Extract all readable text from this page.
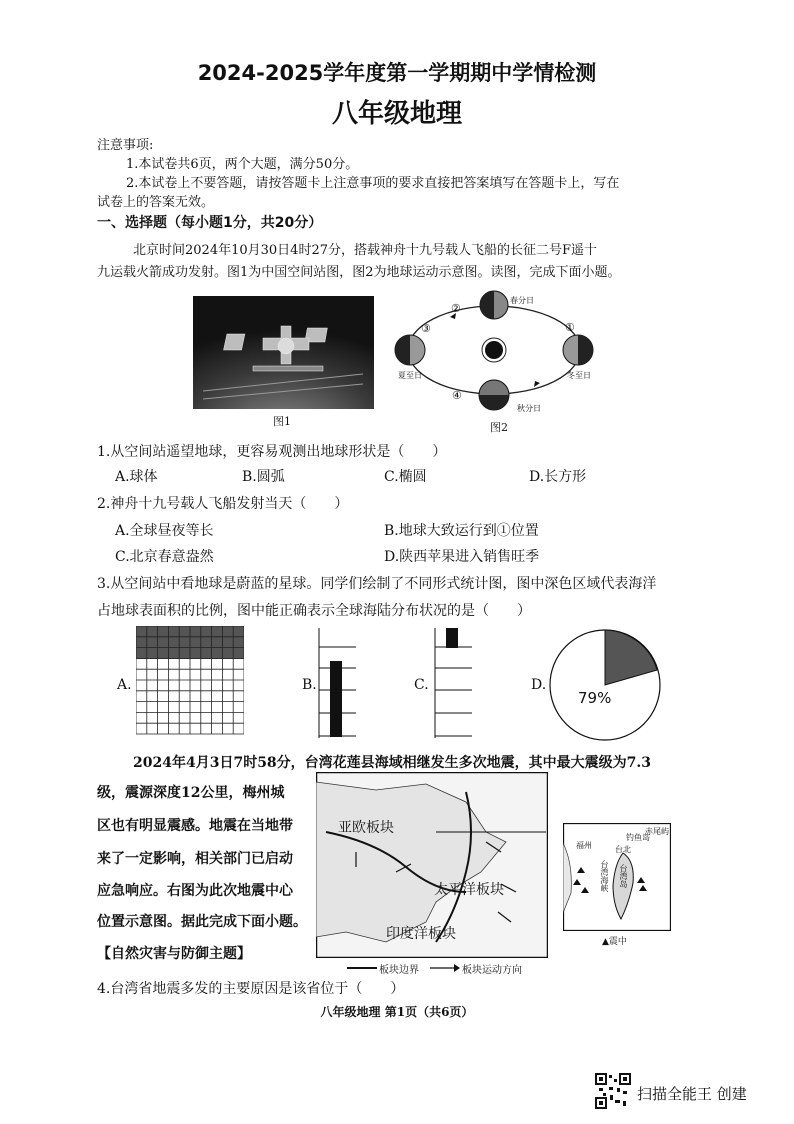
2024-2025学年度第一学期期中学情检测
八年级地理
注意事项:
1.本试卷共6页，两个大题，满分50分。
2.本试卷上不要答题，请按答题卡上注意事项的要求直接把答案填写在答题卡上，写在
试卷上的答案无效。
一、选择题（每小题1分，共20分）
北京时间2024年10月30日4时27分，搭载神舟十九号载人飞船的长征二号F遥十
九运载火箭成功发射。图1为中国空间站图，图2为地球运动示意图。读图，完成下面小题。
图1
春分日
夏至日	冬至日
秋分日
①
②
③
④
图2
1.从空间站遥望地球，更容易观测出地球形状是（　　）
A.球体	B.圆弧	C.椭圆	D.长方形
2.神舟十九号载人飞船发射当天（　　）
A.全球昼夜等长	B.地球大致运行到①位置
C.北京春意盎然	D.陕西苹果进入销售旺季
3.从空间站中看地球是蔚蓝的星球。同学们绘制了不同形式统计图，图中深色区域代表海洋
占地球表面积的比例，图中能正确表示全球海陆分布状况的是（　　）
A.	B.	C.	D.
79%
2024年4月3日7时58分，台湾花莲县海域相继发生多次地震，其中最大震级为7.3
级，震源深度12公里，梅州城
区也有明显震感。地震在当地带
来了一定影响，相关部门已启动
应急响应。右图为此次地震中心
位置示意图。据此完成下面小题。
【自然灾害与防御主题】
亚欧板块
太平洋板块
印度洋板块
板块边界	板块运动方向
福州	台北
钓鱼岛
赤尾屿
台湾海峡 台湾岛
▲震中
4.台湾省地震多发的主要原因是该省位于（　　）
八年级地理 第1页（共6页）
扫描全能王 创建
